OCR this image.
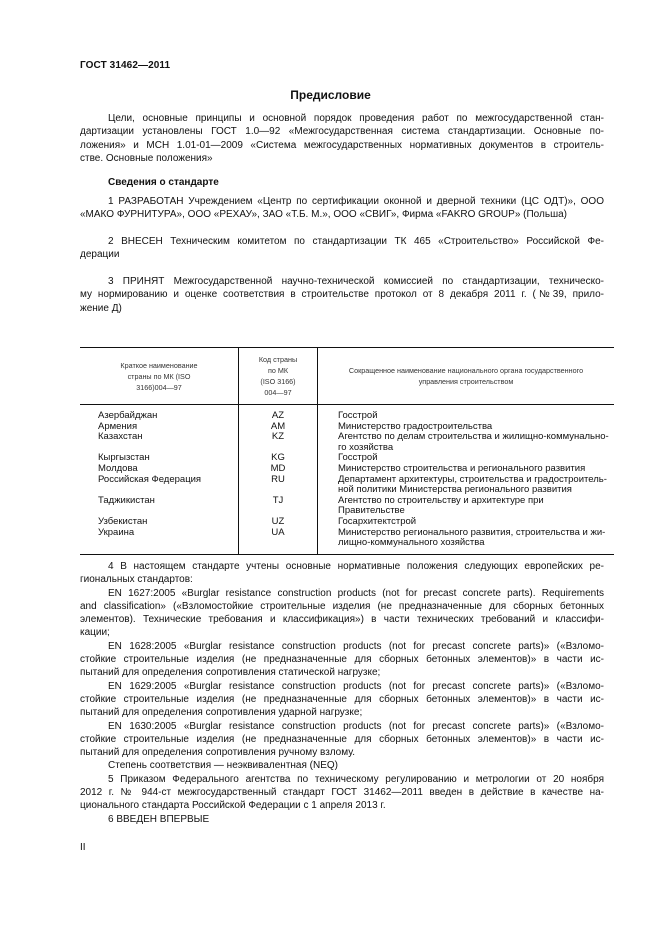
ГОСТ 31462—2011
Предисловие
Цели, основные принципы и основной порядок проведения работ по межгосударственной стан-
дартизации установлены ГОСТ 1.0—92 «Межгосударственная система стандартизации. Основные по-
ложения» и МСН 1.01-01—2009 «Система межгосударственных нормативных документов в строитель-
стве. Основные положения»
Сведения о стандарте
1 РАЗРАБОТАН Учреждением «Центр по сертификации оконной и дверной техники (ЦС ОДТ)», ООО
«МАКО ФУРНИТУРА», ООО «РЕХАУ», ЗАО «Т.Б. М.», ООО «СВИГ», Фирма «FAKRO GROUP» (Польша)
2 ВНЕСЕН Техническим комитетом по стандартизации ТК 465 «Строительство» Российской Фе-
дерации
3 ПРИНЯТ Межгосударственной научно-технической комиссией по стандартизации, техническо-
му нормированию и оценке соответствия в строительстве протокол от 8 декабря 2011 г. (№39, прило-
жение Д)
Краткое наименование
страны по МК (ISO
3166)004—97	Код страны
по МК
(ISO 3166)
004—97	Сокращенное наименование национального органа государственного
управления строительством
Азербайджан	AZ	Госстрой
Армения	AM	Министерство градостроительства
Казахстан	KZ	Агентство по делам строительства и жилищно-коммунально-
го хозяйства
Кыргызстан	KG	Госстрой
Молдова	MD	Министерство строительства и регионального развития
Российская Федерация	RU	Департамент архитектуры, строительства и градостроитель-
ной политики Министерства регионального развития
Таджикистан	TJ	Агентство по строительству и архитектуре при Правительстве
Узбекистан	UZ	Госархитектстрой
Украина	UA	Министерство регионального развития, строительства и жи-
лищно-коммунального хозяйства
4 В настоящем стандарте учтены основные нормативные положения следующих европейских ре-
гиональных стандартов:
EN 1627:2005 «Burglar resistance construction products (not for precast concrete parts). Requirements
and classification» («Взломостойкие строительные изделия (не предназначенные для сборных бетонных
элементов). Технические требования и классификация») в части технических требований и классифи-
кации;
EN 1628:2005 «Burglar resistance construction products (not for precast concrete parts)» («Взломо-
стойкие строительные изделия (не предназначенные для сборных бетонных элементов)» в части ис-
пытаний для определения сопротивления статической нагрузке;
EN 1629:2005 «Burglar resistance construction products (not for precast concrete parts)» («Взломо-
стойкие строительные изделия (не предназначенные для сборных бетонных элементов)» в части ис-
пытаний для определения сопротивления ударной нагрузке;
EN 1630:2005 «Burglar resistance construction products (not for precast concrete parts)» («Взломо-
стойкие строительные изделия (не предназначенные для сборных бетонных элементов)» в части ис-
пытаний для определения сопротивления ручному взлому.
Степень соответствия — неэквивалентная (NEQ)
5 Приказом Федерального агентства по техническому регулированию и метрологии от 20 ноября
2012 г. № 944-ст межгосударственный стандарт ГОСТ 31462—2011 введен в действие в качестве на-
ционального стандарта Российской Федерации с 1 апреля 2013 г.
6 ВВЕДЕН ВПЕРВЫЕ
II
